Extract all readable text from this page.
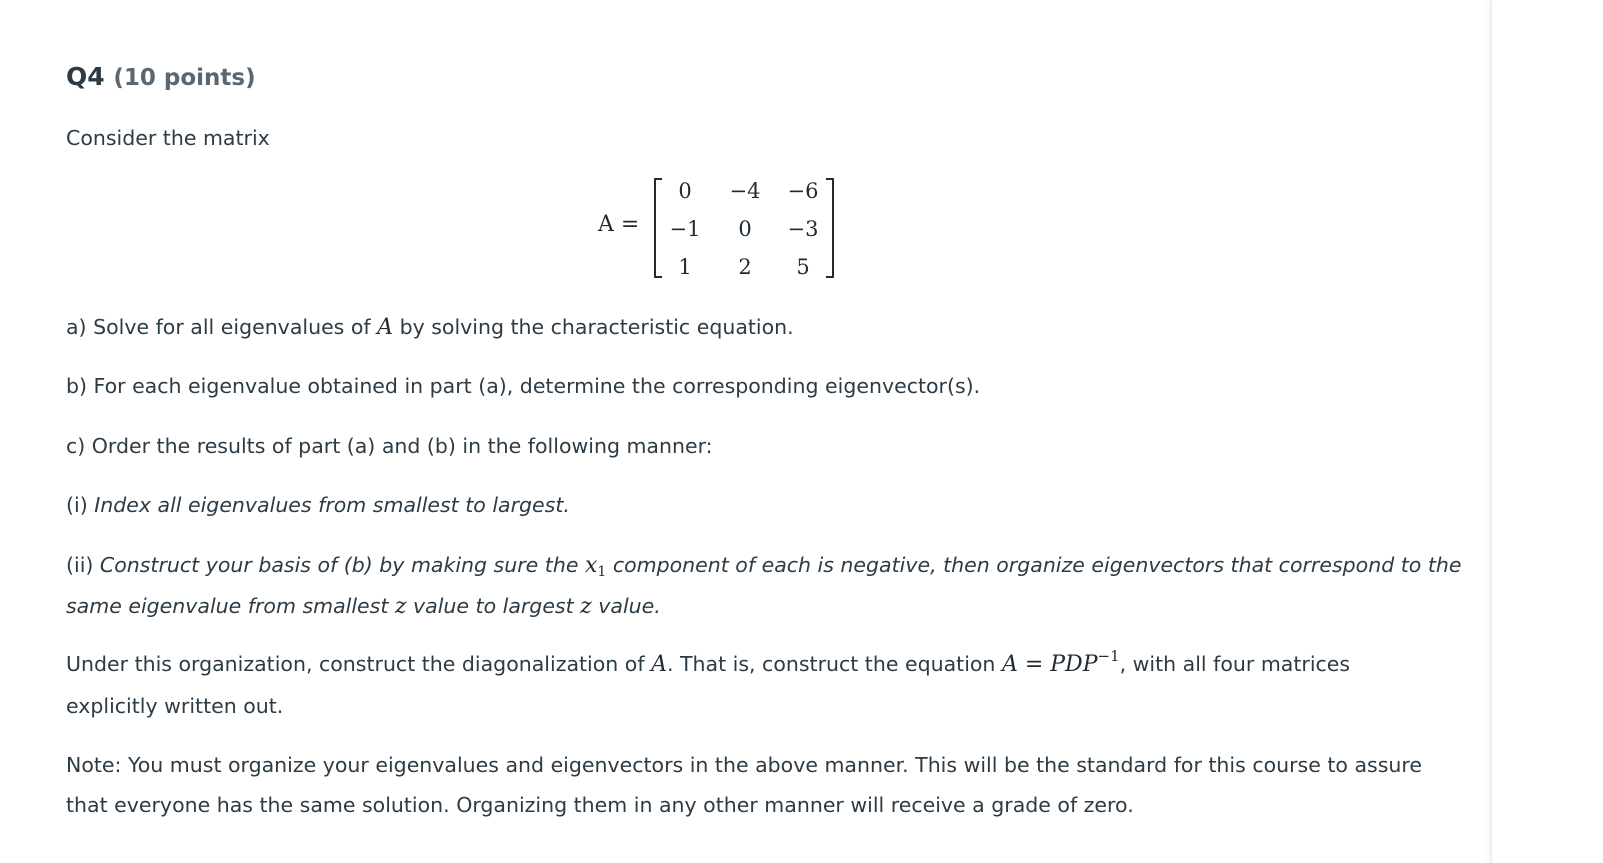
Q4 (10 points)
Consider the matrix
a) Solve for all eigenvalues of A by solving the characteristic equation.
b) For each eigenvalue obtained in part (a), determine the corresponding eigenvector(s).
c) Order the results of part (a) and (b) in the following manner:
(i) Index all eigenvalues from smallest to largest.
(ii) Construct your basis of (b) by making sure the $x_1$ component of each is negative, then organize eigenvectors that correspond to the
same eigenvalue from smallest z value to largest z value.
Under this organization, construct the diagonalization of A. That is, construct the equation $A = PDP^{-1}$, with all four matrices
explicitly written out.
Note: You must organize your eigenvalues and eigenvectors in the above manner. This will be the standard for this course to assure
that everyone has the same solution. Organizing them in any other manner will receive a grade of zero.
A =
0	−4	−6
−1	0	−3
1	2	5
